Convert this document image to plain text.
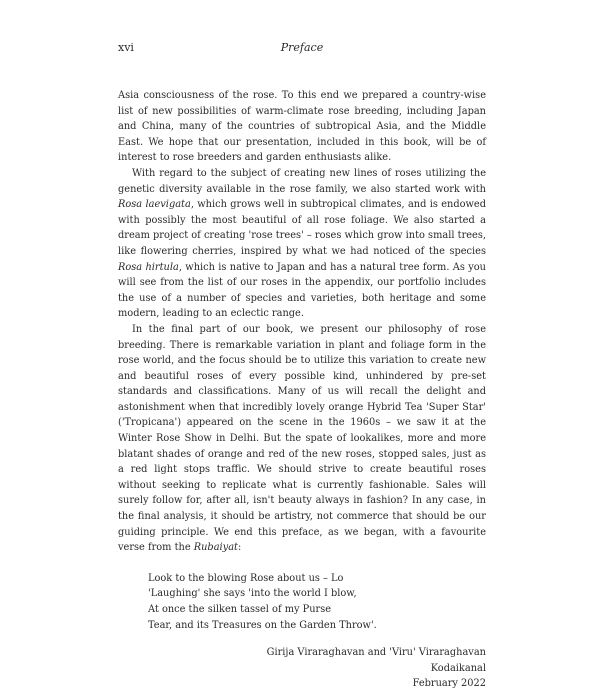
xvi	Preface

Asia consciousness of the rose. To this end we prepared a country-wise list of new possibilities of warm-climate rose breeding, including Japan and China, many of the countries of subtropical Asia, and the Middle East. We hope that our presentation, included in this book, will be of interest to rose breeders and garden enthusiasts alike.

With regard to the subject of creating new lines of roses utilizing the genetic diversity available in the rose family, we also started work with Rosa laevigata, which grows well in subtropical climates, and is endowed with possibly the most beautiful of all rose foliage. We also started a dream project of creating 'rose trees' – roses which grow into small trees, like flowering cherries, inspired by what we had noticed of the species Rosa hirtula, which is native to Japan and has a natural tree form. As you will see from the list of our roses in the appendix, our portfolio includes the use of a number of species and varieties, both heritage and some modern, leading to an eclectic range.

In the final part of our book, we present our philosophy of rose breeding. There is remarkable variation in plant and foliage form in the rose world, and the focus should be to utilize this variation to create new and beautiful roses of every possible kind, unhindered by pre-set standards and classifications. Many of us will recall the delight and astonishment when that incredibly lovely orange Hybrid Tea 'Super Star' ('Tropicana') appeared on the scene in the 1960s – we saw it at the Winter Rose Show in Delhi. But the spate of lookalikes, more and more blatant shades of orange and red of the new roses, stopped sales, just as a red light stops traffic. We should strive to create beautiful roses without seeking to replicate what is currently fashionable. Sales will surely follow for, after all, isn't beauty always in fashion? In any case, in the final analysis, it should be artistry, not commerce that should be our guiding principle. We end this preface, as we began, with a favourite verse from the Rubaiyat:

Look to the blowing Rose about us – Lo
'Laughing' she says 'into the world I blow,
At once the silken tassel of my Purse
Tear, and its Treasures on the Garden Throw'.
Girija Viraraghavan and 'Viru' Viraraghavan
Kodaikanal
February 2022
